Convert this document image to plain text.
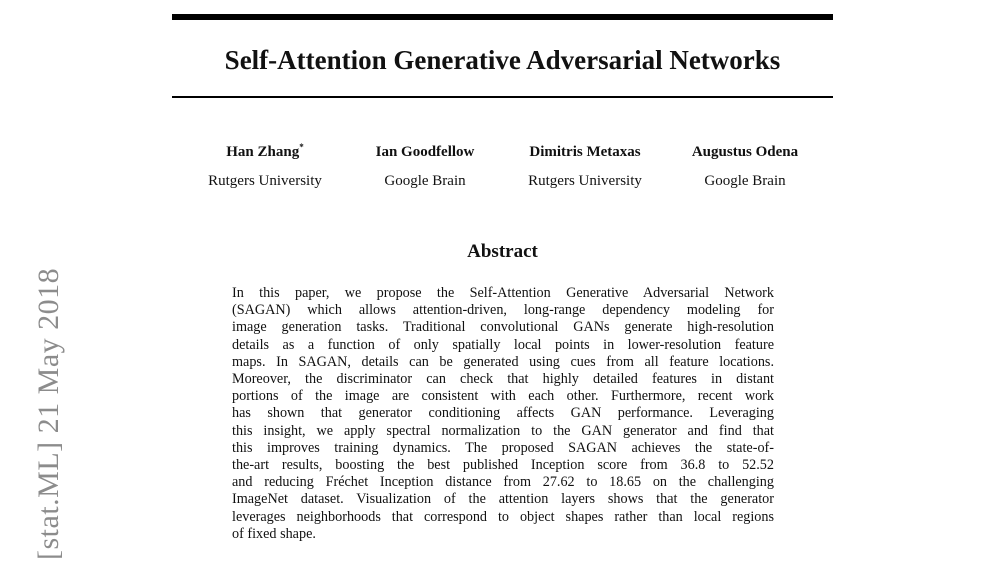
[stat.ML] 21 May 2018
Self-Attention Generative Adversarial Networks
Han Zhang*
Rutgers University
Ian Goodfellow
Google Brain
Dimitris Metaxas
Rutgers University
Augustus Odena
Google Brain
Abstract
In this paper, we propose the Self-Attention Generative Adversarial Network
(SAGAN) which allows attention-driven, long-range dependency modeling for
image generation tasks. Traditional convolutional GANs generate high-resolution
details as a function of only spatially local points in lower-resolution feature
maps. In SAGAN, details can be generated using cues from all feature locations.
Moreover, the discriminator can check that highly detailed features in distant
portions of the image are consistent with each other. Furthermore, recent work
has shown that generator conditioning affects GAN performance. Leveraging
this insight, we apply spectral normalization to the GAN generator and find that
this improves training dynamics. The proposed SAGAN achieves the state-of-
the-art results, boosting the best published Inception score from 36.8 to 52.52
and reducing Fréchet Inception distance from 27.62 to 18.65 on the challenging
ImageNet dataset. Visualization of the attention layers shows that the generator
leverages neighborhoods that correspond to object shapes rather than local regions
of fixed shape.
